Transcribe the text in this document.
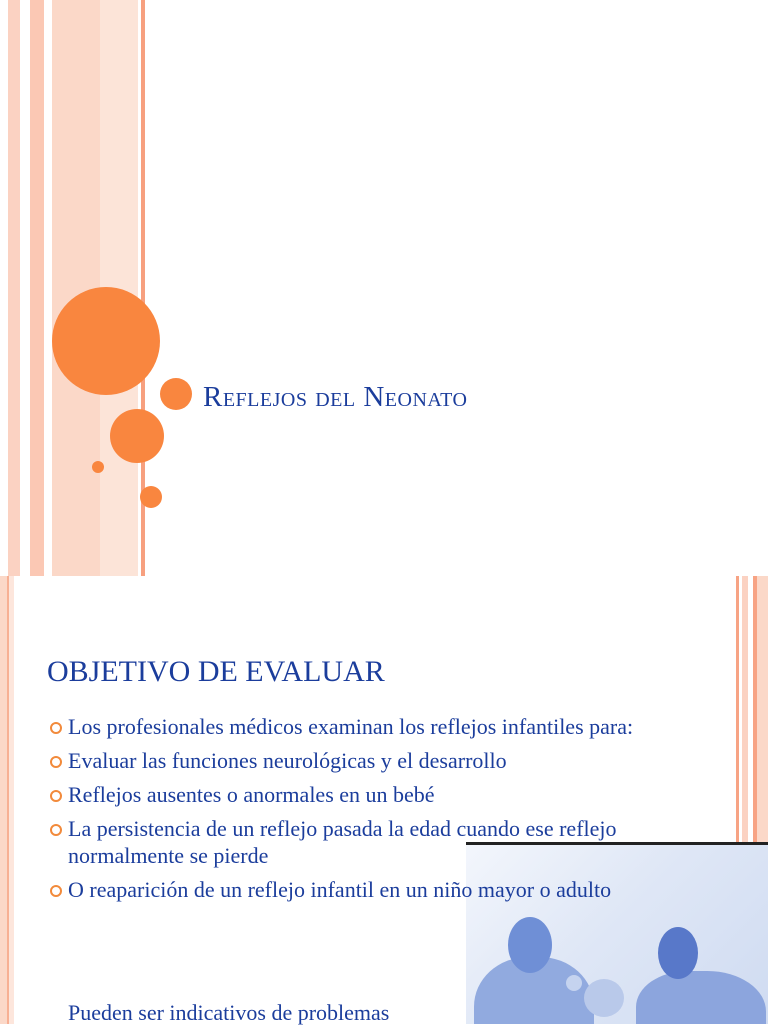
Reflejos del Neonato
OBJETIVO DE EVALUAR
Los profesionales médicos examinan los reflejos infantiles para:
Evaluar las funciones neurológicas y el desarrollo
Reflejos ausentes o anormales en un bebé
La persistencia de un reflejo pasada la edad cuando ese reflejo normalmente se pierde
O reaparición de un reflejo infantil en un niño mayor o adulto
Pueden ser indicativos de problemas
